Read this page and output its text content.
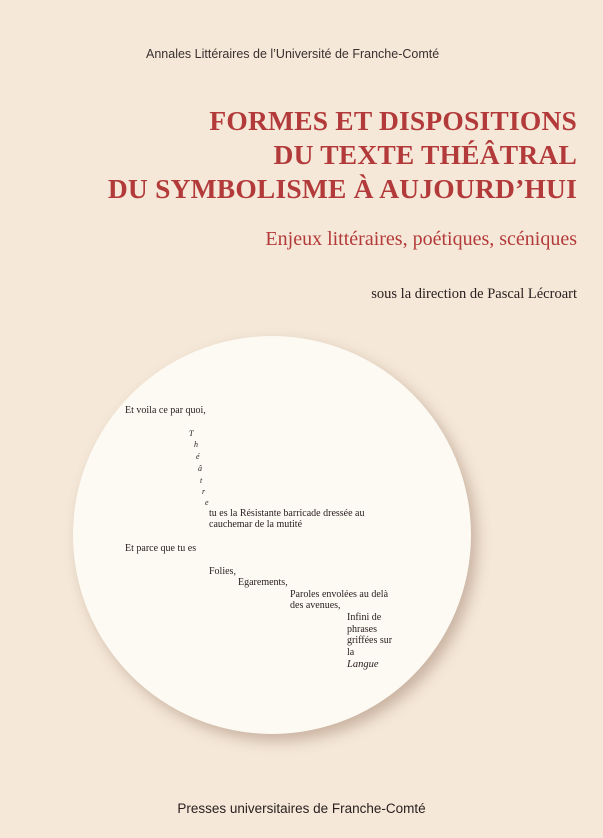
Annales Littéraires de l’Université de Franche-Comté
FORMES ET DISPOSITIONS
DU TEXTE THÉÂTRAL
DU SYMBOLISME À AUJOURD’HUI
Enjeux littéraires, poétiques, scéniques
sous la direction de Pascal Lécroart
Et voila ce par quoi,
T
h
é
â
t
r
e
tu es la Résistante barricade dressée au
cauchemar de la mutité
Et parce que tu es
Folies,
Egarements,
Paroles envolées au delà
des avenues,
Infini de
phrases
griffées sur
la
Langue
Presses universitaires de Franche-Comté
